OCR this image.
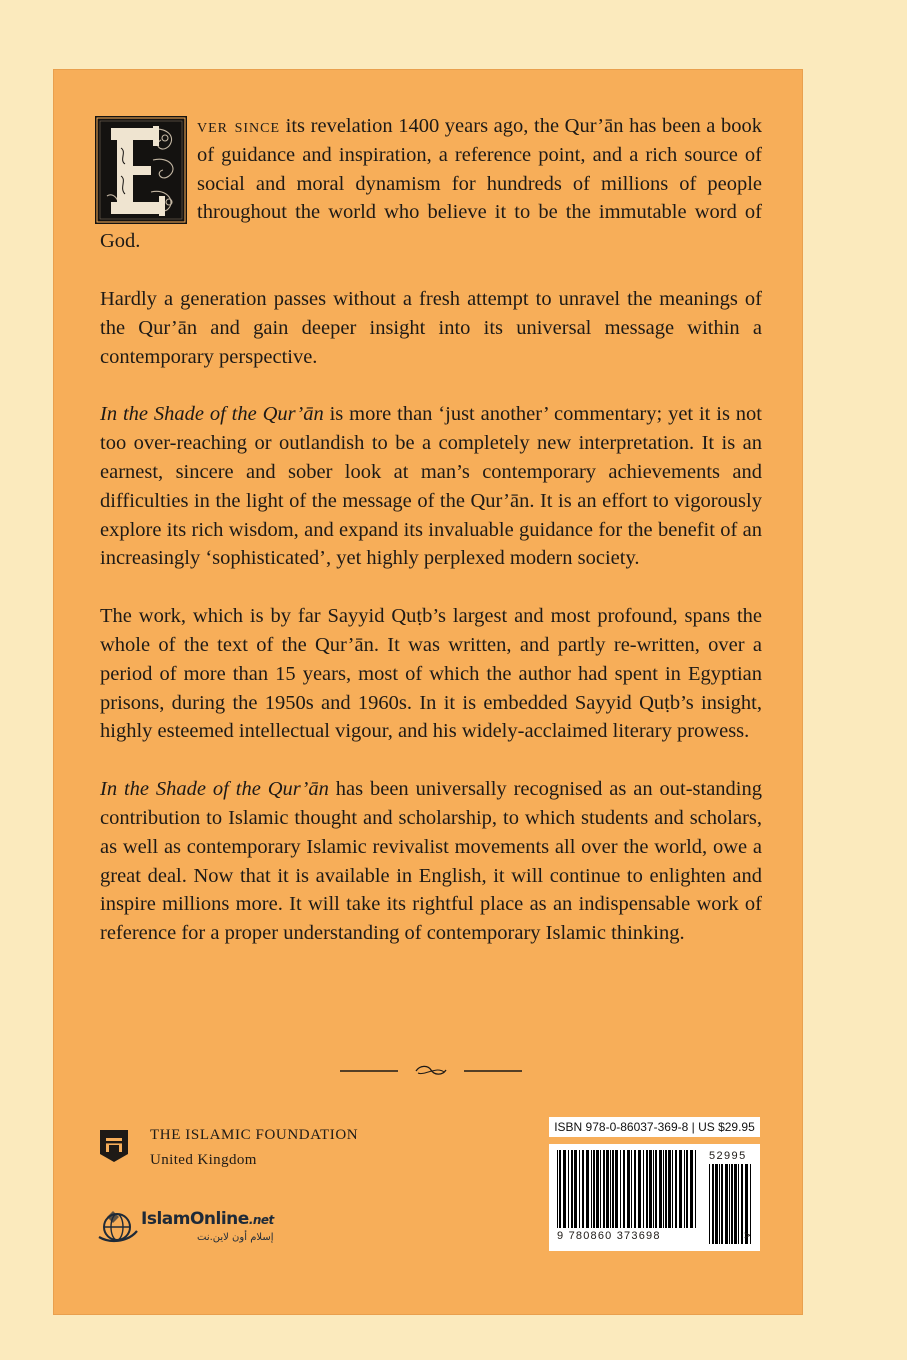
ver since its revelation 1400 years ago, the Qur’ān has been a book of guidance and inspiration, a reference point, and a rich source of social and moral dynamism for hundreds of millions of people throughout the world who believe it to be the immutable word of God.

Hardly a generation passes without a fresh attempt to unravel the meanings of the Qur’ān and gain deeper insight into its universal message within a contemporary perspective.

In the Shade of the Qur’ān is more than ‘just another’ commentary; yet it is not too over-reaching or outlandish to be a completely new interpretation. It is an earnest, sincere and sober look at man’s contemporary achievements and difficulties in the light of the message of the Qur’ān. It is an effort to vigorously explore its rich wisdom, and expand its invaluable guidance for the benefit of an increasingly ‘sophisticated’, yet highly perplexed modern society.

The work, which is by far Sayyid Quṭb’s largest and most profound, spans the whole of the text of the Qur’ān. It was written, and partly re-written, over a period of more than 15 years, most of which the author had spent in Egyptian prisons, during the 1950s and 1960s. In it is embedded Sayyid Quṭb’s insight, highly esteemed intellectual vigour, and his widely-acclaimed literary prowess.

In the Shade of the Qur’ān has been universally recognised as an out-standing contribution to Islamic thought and scholarship, to which students and scholars, as well as contemporary Islamic revivalist movements all over the world, owe a great deal. Now that it is available in English, it will continue to enlighten and inspire millions more. It will take its rightful place as an indispensable work of reference for a proper understanding of contemporary Islamic thinking.

THE ISLAMIC FOUNDATION
United Kingdom
IslamOnline.net
إسلام أون لاين.نت
ISBN 978-0-86037-369-8 | US $29.95
52995
9 780860 373698	>
